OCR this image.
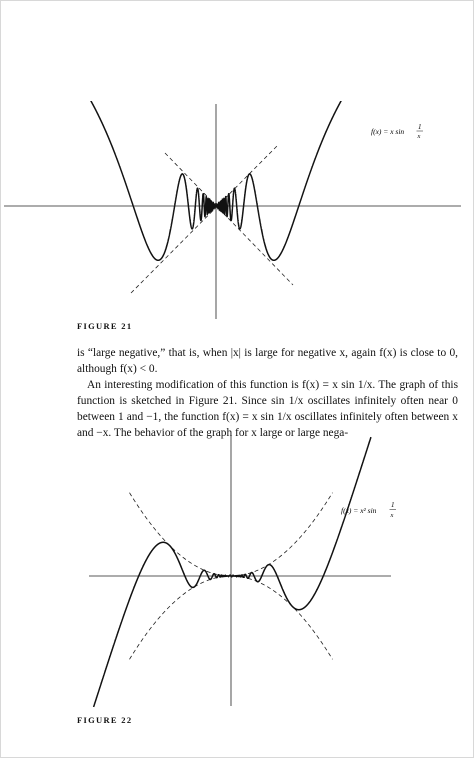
f(x) = x sin 1
x
FIGURE 21

is “large negative,” that is, when |x| is large for negative x, again f(x) is close to 0, although f(x) < 0.

An interesting modification of this function is f(x) = x sin 1/x. The graph of this function is sketched in Figure 21. Since sin 1/x oscillates infinitely often near 0 between 1 and −1, the function f(x) = x sin 1/x oscillates infinitely often between x and −x. The behavior of the graph for x large or large nega-

f(x) = x² sin
1
x
FIGURE 22
